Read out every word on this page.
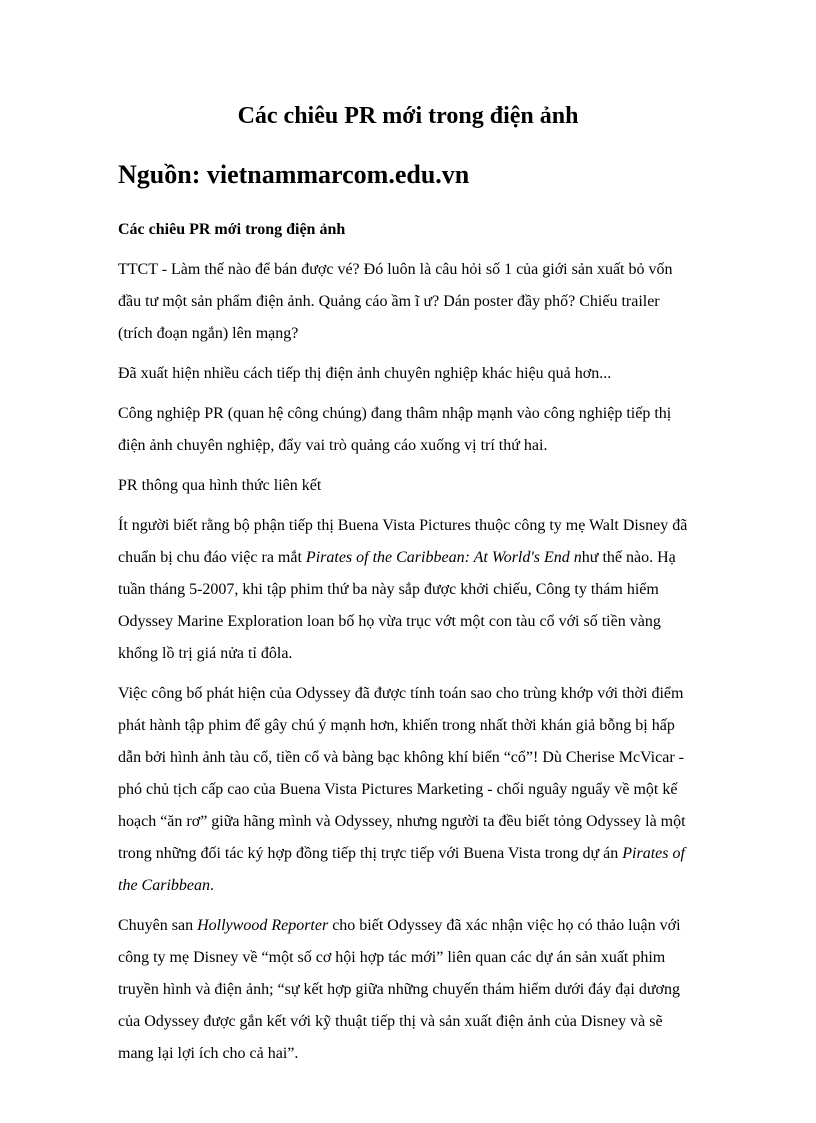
Các chiêu PR mới trong điện ảnh
Nguồn: vietnammarcom.edu.vn

Các chiêu PR mới trong điện ảnh

TTCT - Làm thế nào để bán được vé? Đó luôn là câu hỏi số 1 của giới sản xuất bỏ vốn
đầu tư một sản phẩm điện ảnh. Quảng cáo ầm ĩ ư? Dán poster đầy phố? Chiếu trailer
(trích đoạn ngắn) lên mạng?

Đã xuất hiện nhiều cách tiếp thị điện ảnh chuyên nghiệp khác hiệu quả hơn...

Công nghiệp PR (quan hệ công chúng) đang thâm nhập mạnh vào công nghiệp tiếp thị
điện ảnh chuyên nghiệp, đẩy vai trò quảng cáo xuống vị trí thứ hai.

PR thông qua hình thức liên kết

Ít người biết rằng bộ phận tiếp thị Buena Vista Pictures thuộc công ty mẹ Walt Disney đã
chuẩn bị chu đáo việc ra mắt Pirates of the Caribbean: At World's End như thế nào. Hạ
tuần tháng 5-2007, khi tập phim thứ ba này sắp được khởi chiếu, Công ty thám hiểm
Odyssey Marine Exploration loan bố họ vừa trục vớt một con tàu cổ với số tiền vàng
khổng lồ trị giá nửa tỉ đôla.

Việc công bố phát hiện của Odyssey đã được tính toán sao cho trùng khớp với thời điểm
phát hành tập phim để gây chú ý mạnh hơn, khiến trong nhất thời khán giả bỗng bị hấp
dẫn bởi hình ảnh tàu cổ, tiền cổ và bàng bạc không khí biển “cổ”! Dù Cherise McVicar -
phó chủ tịch cấp cao của Buena Vista Pictures Marketing - chối nguây nguẩy về một kế
hoạch “ăn rơ” giữa hãng mình và Odyssey, nhưng người ta đều biết tỏng Odyssey là một
trong những đối tác ký hợp đồng tiếp thị trực tiếp với Buena Vista trong dự án Pirates of
the Caribbean.

Chuyên san Hollywood Reporter cho biết Odyssey đã xác nhận việc họ có thảo luận với
công ty mẹ Disney về “một số cơ hội hợp tác mới” liên quan các dự án sản xuất phim
truyền hình và điện ảnh; “sự kết hợp giữa những chuyến thám hiểm dưới đáy đại dương
của Odyssey được gắn kết với kỹ thuật tiếp thị và sản xuất điện ảnh của Disney và sẽ
mang lại lợi ích cho cả hai”.
